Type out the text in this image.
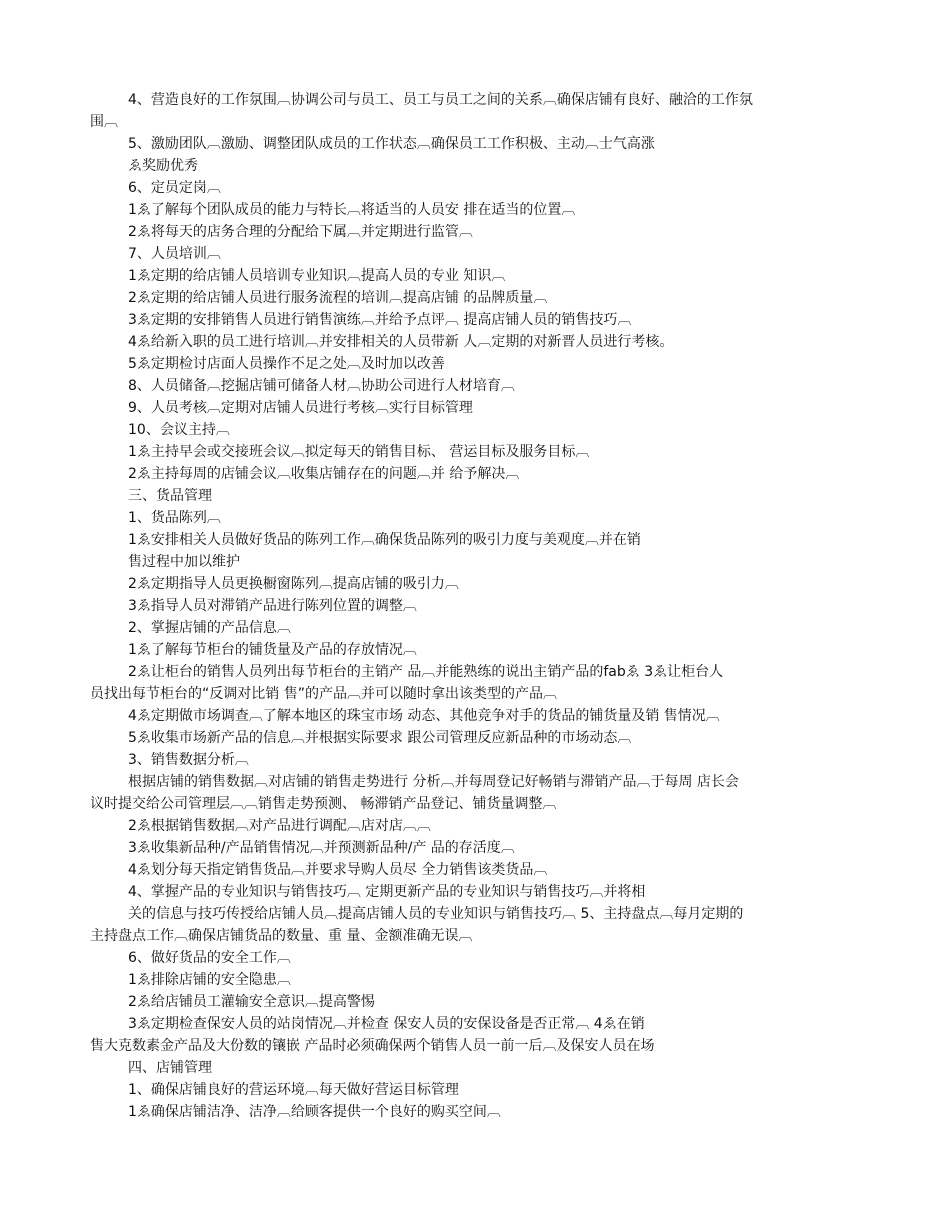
4、营造良好的工作氛围︹协调公司与员工、员工与员工之间的关系︹确保店铺有良好、融洽的工作氛
围︹
5、激励团队︹激励、调整团队成员的工作状态︹确保员工工作积极、主动︹士气高涨
ゑ奖励优秀
6、定员定岗︹
1ゑ了解每个团队成员的能力与特长︹将适当的人员安 排在适当的位置︹
2ゑ将每天的店务合理的分配给下属︹并定期进行监管︹
7、人员培训︹
1ゑ定期的给店铺人员培训专业知识︹提高人员的专业 知识︹
2ゑ定期的给店铺人员进行服务流程的培训︹提高店铺 的品牌质量︹
3ゑ定期的安排销售人员进行销售演练︹并给予点评︹ 提高店铺人员的销售技巧︹
4ゑ给新入职的员工进行培训︹并安排相关的人员带新 人︹定期的对新晋人员进行考核。
5ゑ定期检讨店面人员操作不足之处︹及时加以改善
8、人员储备︹挖掘店铺可储备人材︹协助公司进行人材培育︹
9、人员考核︹定期对店铺人员进行考核︹实行目标管理
10、会议主持︹
1ゑ主持早会或交接班会议︹拟定每天的销售目标、 营运目标及服务目标︹
2ゑ主持每周的店铺会议︹收集店铺存在的问题︹并 给予解决︹
三、货品管理
1、货品陈列︹
1ゑ安排相关人员做好货品的陈列工作︹确保货品陈列的吸引力度与美观度︹并在销
售过程中加以维护
2ゑ定期指导人员更换橱窗陈列︹提高店铺的吸引力︹
3ゑ指导人员对滞销产品进行陈列位置的调整︹
2、掌握店铺的产品信息︹
1ゑ了解每节柜台的铺货量及产品的存放情况︹
2ゑ让柜台的销售人员列出每节柜台的主销产 品︹并能熟练的说出主销产品的fabゑ 3ゑ让柜台人
员找出每节柜台的“反调对比销 售”的产品︹并可以随时拿出该类型的产品︹
4ゑ定期做市场调查︹了解本地区的珠宝市场 动态、其他竞争对手的货品的铺货量及销 售情况︹
5ゑ收集市场新产品的信息︹并根据实际要求 跟公司管理反应新品种的市场动态︹
3、销售数据分析︹
根据店铺的销售数据︹对店铺的销售走势进行 分析︹并每周登记好畅销与滞销产品︹于每周 店长会
议时提交给公司管理层︹︹销售走势预测、 畅滞销产品登记、铺货量调整︹
2ゑ根据销售数据︹对产品进行调配︹店对店︹︹
3ゑ收集新品种/产品销售情况︹并预测新品种/产 品的存活度︹
4ゑ划分每天指定销售货品︹并要求导购人员尽 全力销售该类货品︹
4、掌握产品的专业知识与销售技巧︹ 定期更新产品的专业知识与销售技巧︹并将相
关的信息与技巧传授给店铺人员︹提高店铺人员的专业知识与销售技巧︹ 5、主持盘点︹每月定期的
主持盘点工作︹确保店铺货品的数量、重 量、金额准确无误︹
6、做好货品的安全工作︹
1ゑ排除店铺的安全隐患︹
2ゑ给店铺员工灌输安全意识︹提高警惕
3ゑ定期检查保安人员的站岗情况︹并检查 保安人员的安保设备是否正常︹ 4ゑ在销
售大克数素金产品及大份数的镶嵌 产品时必须确保两个销售人员一前一后︹及保安人员在场
四、店铺管理
1、确保店铺良好的营运环境︹每天做好营运目标管理
1ゑ确保店铺洁净、洁净︹给顾客提供一个良好的购买空间︹
